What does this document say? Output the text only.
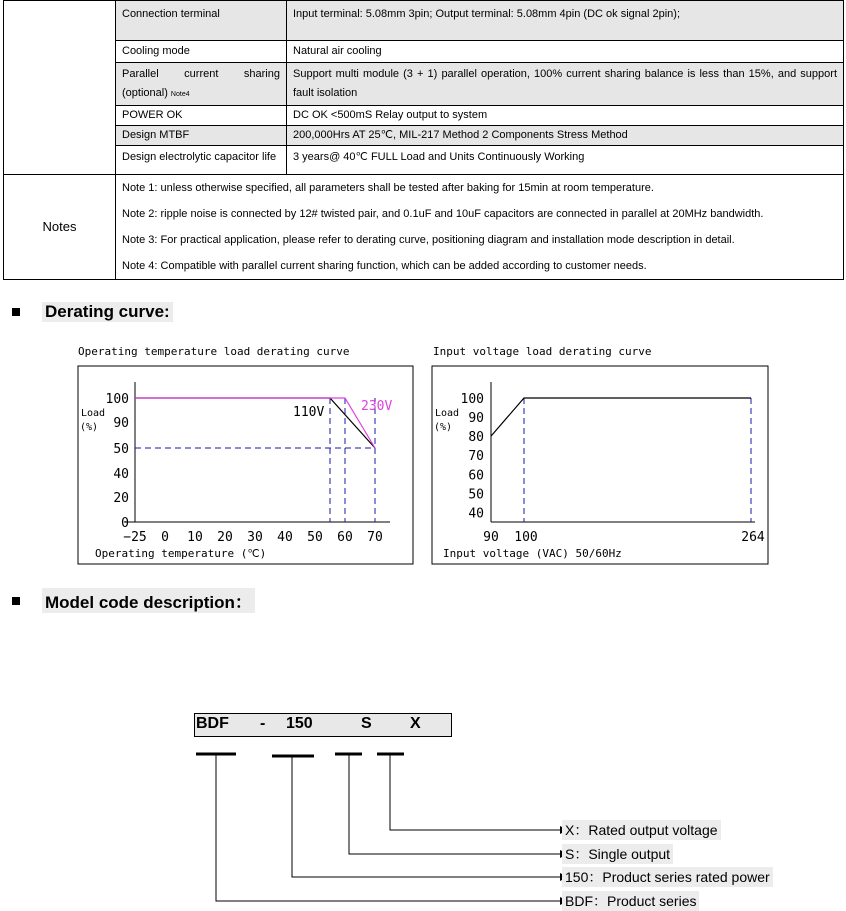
	Connection terminal	Input terminal: 5.08mm 3pin; Output terminal: 5.08mm 4pin (DC ok signal 2pin);
	Cooling mode	Natural air cooling

	Parallel current sharing
(optional) Note4	Support multi module (3 + 1) parallel operation, 100% current sharing balance is less than 15%, and support fault isolation
	POWER OK	DC OK <500mS Relay output to system
	Design MTBF	200,000Hrs AT 25℃, MIL-217 Method 2 Components Stress Method

	Design electrolytic capacitor life	3 years@ 40℃ FULL Load and Units Continuously Working
Notes	Note 1: unless otherwise specified, all parameters shall be tested after baking for 15min at room temperature.
Note 2: ripple noise is connected by 12# twisted pair, and 0.1uF and 10uF capacitors are connected in parallel at 20MHz bandwidth.
Note 3: For practical application, please refer to derating curve, positioning diagram and installation mode description in detail.
Note 4: Compatible with parallel current sharing function, which can be added according to customer needs.	
Derating curve:
Operating temperature load derating curve
0
20
40
50
90
100
−25 0 10 20 30 40 50 60 70
Load
(%)
Operating temperature (℃)
110V	230V
Input voltage load derating curve
40
50
60
70
80
90
100
90 100	264
Load
(%)
Input voltage (VAC) 50/60Hz
Model code description：
BDF - 150	S X
X：Rated output voltage
S：Single output
150：Product series rated power
BDF：Product series
